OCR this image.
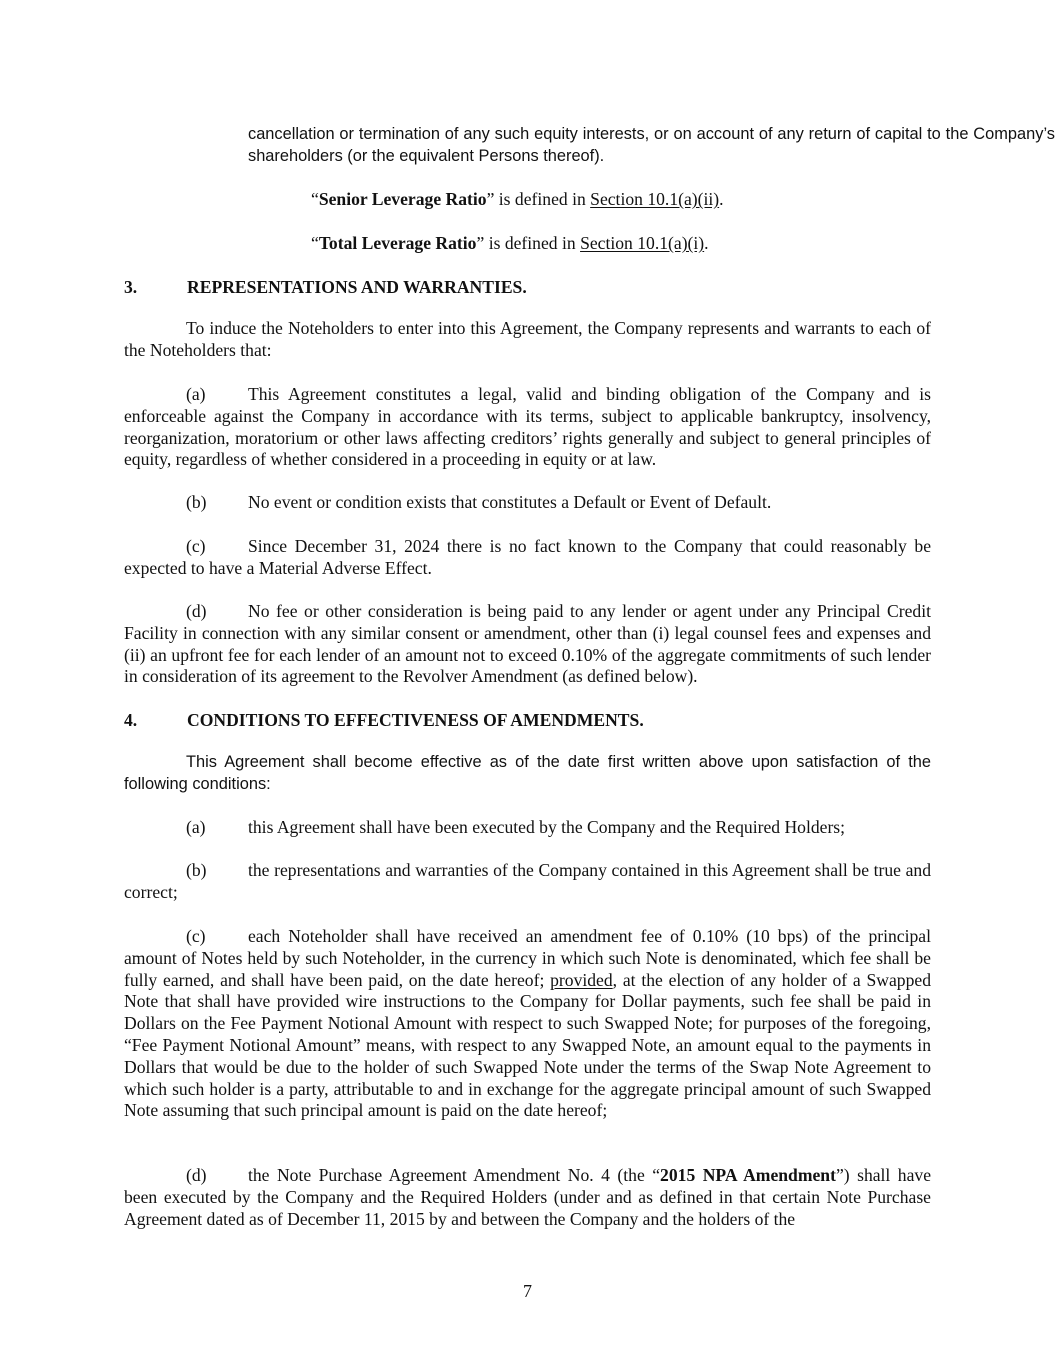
cancellation or termination of any such equity interests, or on account of any return of capital to the Company’s shareholders (or the equivalent Persons thereof).

“Senior Leverage Ratio” is defined in Section 10.1(a)(ii).

“Total Leverage Ratio” is defined in Section 10.1(a)(i).

3.	REPRESENTATIONS AND WARRANTIES.

To induce the Noteholders to enter into this Agreement, the Company represents and warrants to each of the Noteholders that:

(a) This Agreement constitutes a legal, valid and binding obligation of the Company and is enforceable against the Company in accordance with its terms, subject to applicable bankruptcy, insolvency, reorganization, moratorium or other laws affecting creditors’ rights generally and subject to general principles of equity, regardless of whether considered in a proceeding in equity or at law.

(b) No event or condition exists that constitutes a Default or Event of Default.

(c) Since December 31, 2024 there is no fact known to the Company that could reasonably be expected to have a Material Adverse Effect.

(d) No fee or other consideration is being paid to any lender or agent under any Principal Credit Facility in connection with any similar consent or amendment, other than (i) legal counsel fees and expenses and (ii) an upfront fee for each lender of an amount not to exceed 0.10% of the aggregate commitments of such lender in consideration of its agreement to the Revolver Amendment (as defined below).

4.	CONDITIONS TO EFFECTIVENESS OF AMENDMENTS.

This Agreement shall become effective as of the date first written above upon satisfaction of the following conditions:

(a) this Agreement shall have been executed by the Company and the Required Holders;

(b) the representations and warranties of the Company contained in this Agreement shall be true and correct;

(c) each Noteholder shall have received an amendment fee of 0.10% (10 bps) of the principal amount of Notes held by such Noteholder, in the currency in which such Note is denominated, which fee shall be fully earned, and shall have been paid, on the date hereof; provided, at the election of any holder of a Swapped Note that shall have provided wire instructions to the Company for Dollar payments, such fee shall be paid in Dollars on the Fee Payment Notional Amount with respect to such Swapped Note; for purposes of the foregoing, “Fee Payment Notional Amount” means, with respect to any Swapped Note, an amount equal to the payments in Dollars that would be due to the holder of such Swapped Note under the terms of the Swap Note Agreement to which such holder is a party, attributable to and in exchange for the aggregate principal amount of such Swapped Note assuming that such principal amount is paid on the date hereof;

(d) the Note Purchase Agreement Amendment No. 4 (the “2015 NPA Amendment”) shall have been executed by the Company and the Required Holders (under and as defined in that certain Note Purchase Agreement dated as of December 11, 2015 by and between the Company and the holders of the

7
